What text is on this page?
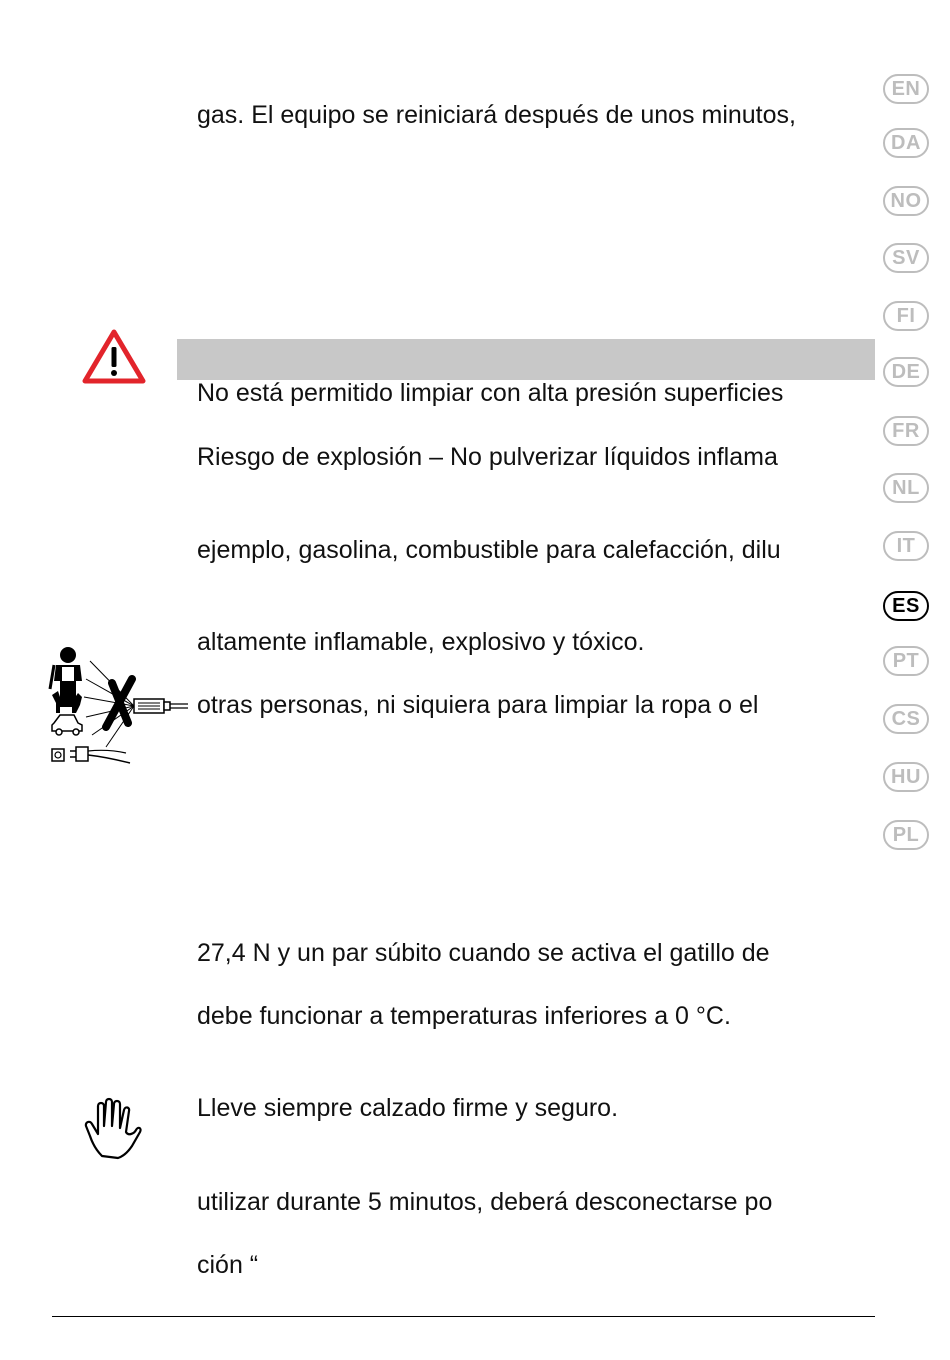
gas. El equipo se reiniciará después de unos minutos,
No está permitido limpiar con alta presión superficies
Riesgo de explosión – No pulverizar líquidos inflama
ejemplo, gasolina, combustible para calefacción, dilu
altamente inflamable, explosivo y tóxico.
otras personas, ni siquiera para limpiar la ropa o el
27,4 N y un par súbito cuando se activa el gatillo de
debe funcionar a temperaturas inferiores a 0 °C.
Lleve siempre calzado firme y seguro.
utilizar durante 5 minutos, deberá desconectarse po
ción “
EN
DA
NO
SV
FI
DE
FR
NL
IT
ES
PT
CS
HU
PL
